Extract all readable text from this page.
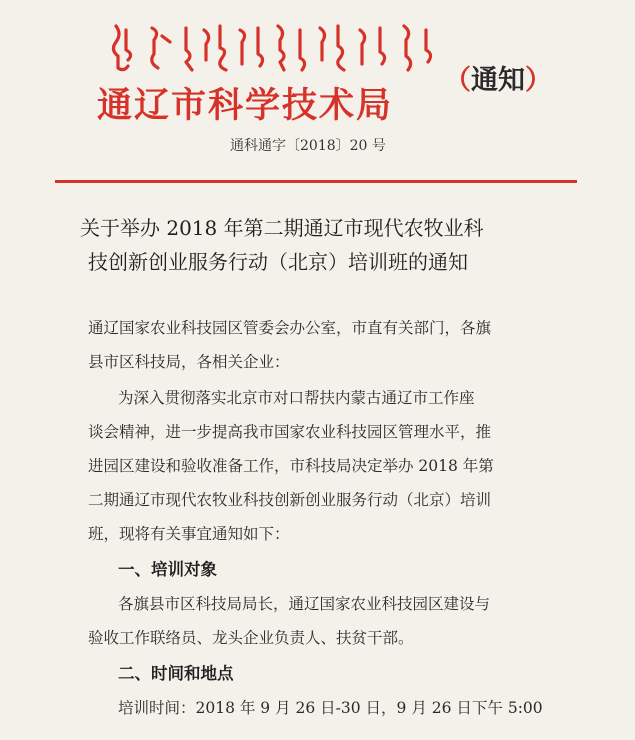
通辽市科学技术局
（通知）
通科通字〔2018〕20 号
关于举办 2018 年第二期通辽市现代农牧业科
技创新创业服务行动（北京）培训班的通知
通辽国家农业科技园区管委会办公室，市直有关部门，各旗
县市区科技局，各相关企业：
为深入贯彻落实北京市对口帮扶内蒙古通辽市工作座
谈会精神，进一步提高我市国家农业科技园区管理水平，推
进园区建设和验收准备工作，市科技局决定举办 2018 年第
二期通辽市现代农牧业科技创新创业服务行动（北京）培训
班，现将有关事宜通知如下：
一、培训对象
各旗县市区科技局局长，通辽国家农业科技园区建设与
验收工作联络员、龙头企业负责人、扶贫干部。
二、时间和地点
培训时间：2018 年 9 月 26 日-30 日，9 月 26 日下午 5:00
